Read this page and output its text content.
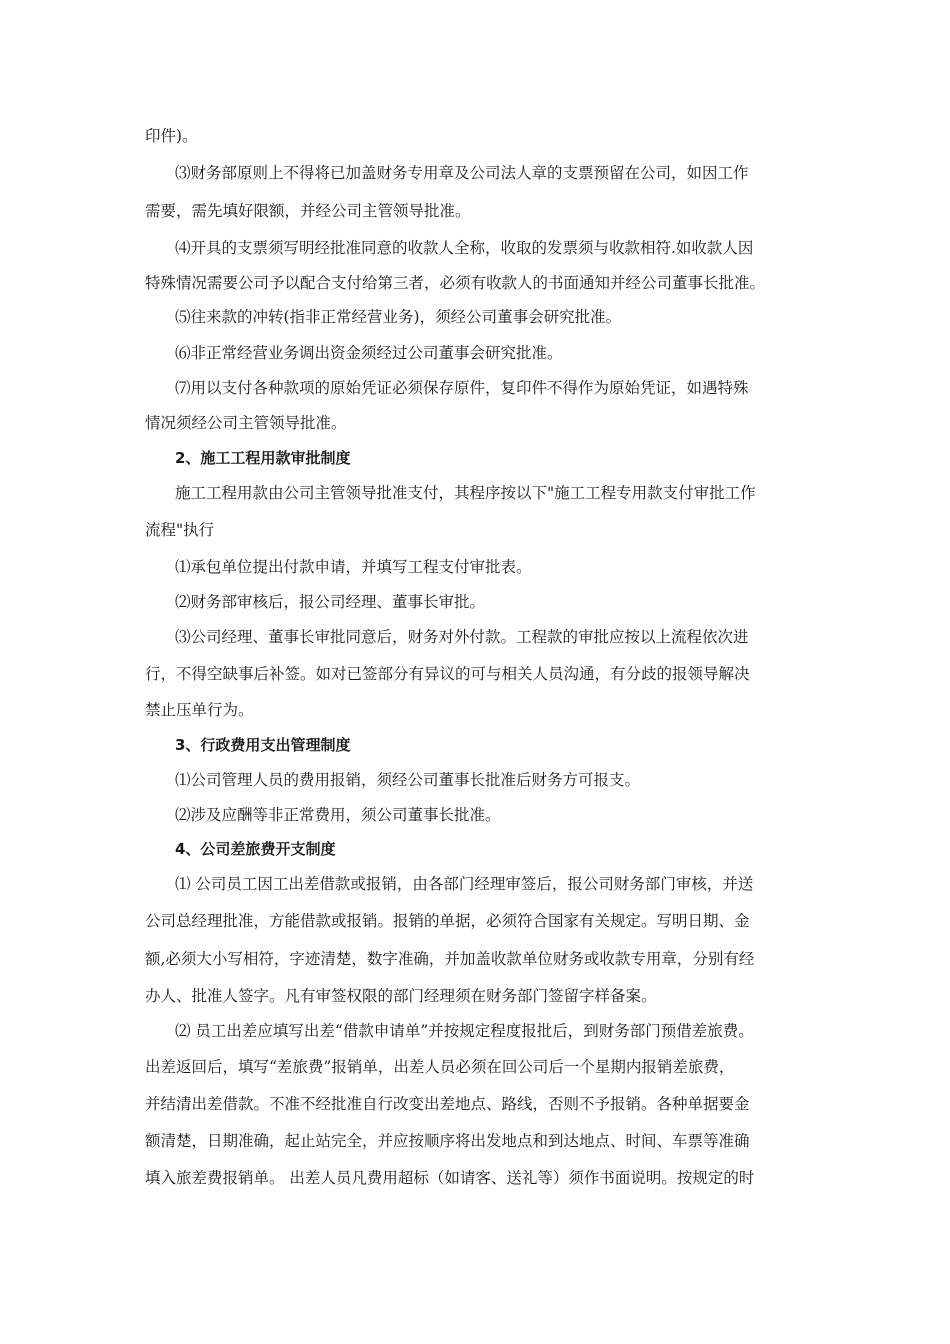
印件)。

⑶财务部原则上不得将已加盖财务专用章及公司法人章的支票预留在公司，如因工作

需要，需先填好限额，并经公司主管领导批准。

⑷开具的支票须写明经批准同意的收款人全称，收取的发票须与收款相符.如收款人因

特殊情况需要公司予以配合支付给第三者，必须有收款人的书面通知并经公司董事长批准。

⑸往来款的冲转(指非正常经营业务)，须经公司董事会研究批准。

⑹非正常经营业务调出资金须经过公司董事会研究批准。

⑺用以支付各种款项的原始凭证必须保存原件，复印件不得作为原始凭证，如遇特殊

情况须经公司主管领导批准。

2、施工工程用款审批制度

施工工程用款由公司主管领导批准支付，其程序按以下"施工工程专用款支付审批工作

流程"执行

⑴承包单位提出付款申请，并填写工程支付审批表。

⑵财务部审核后，报公司经理、董事长审批。

⑶公司经理、董事长审批同意后，财务对外付款。工程款的审批应按以上流程依次进

行，不得空缺事后补签。如对已签部分有异议的可与相关人员沟通，有分歧的报领导解决

禁止压单行为。

3、行政费用支出管理制度

⑴公司管理人员的费用报销，须经公司董事长批准后财务方可报支。

⑵涉及应酬等非正常费用，须公司董事长批准。

4、公司差旅费开支制度

⑴ 公司员工因工出差借款或报销，由各部门经理审签后，报公司财务部门审核，并送

公司总经理批准，方能借款或报销。报销的单据，必须符合国家有关规定。写明日期、金

额,必须大小写相符，字迹清楚，数字准确，并加盖收款单位财务或收款专用章，分别有经

办人、批准人签字。凡有审签权限的部门经理须在财务部门签留字样备案。

⑵ 员工出差应填写出差“借款申请单”并按规定程度报批后，到财务部门预借差旅费。

出差返回后，填写“差旅费”报销单，出差人员必须在回公司后一个星期内报销差旅费，

并结清出差借款。不准不经批准自行改变出差地点、路线，否则不予报销。各种单据要金

额清楚，日期准确，起止站完全，并应按顺序将出发地点和到达地点、时间、车票等准确

填入旅差费报销单。 出差人员凡费用超标（如请客、送礼等）须作书面说明。按规定的时
